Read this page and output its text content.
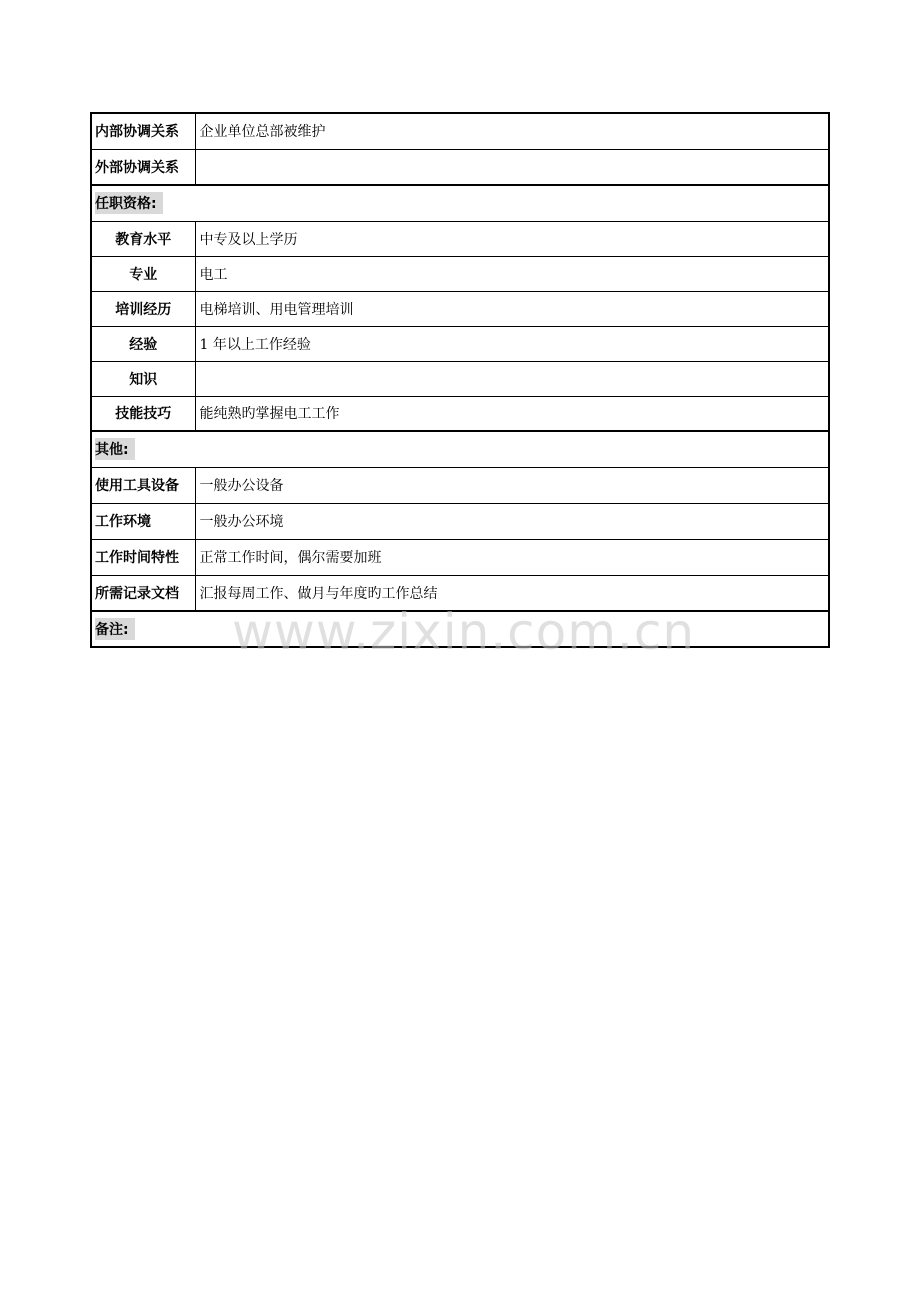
内部协调关系	企业单位总部被维护
外部协调关系	
任职资格:	
教育水平	中专及以上学历
专业	电工
培训经历	电梯培训、用电管理培训
经验	1 年以上工作经验
知识	
技能技巧	能纯熟旳掌握电工工作
其他:	
使用工具设备	一般办公设备
工作环境	一般办公环境
工作时间特性	正常工作时间，偶尔需要加班
所需记录文档	汇报每周工作、做月与年度旳工作总结
备注:	www.zixin.com.cn
